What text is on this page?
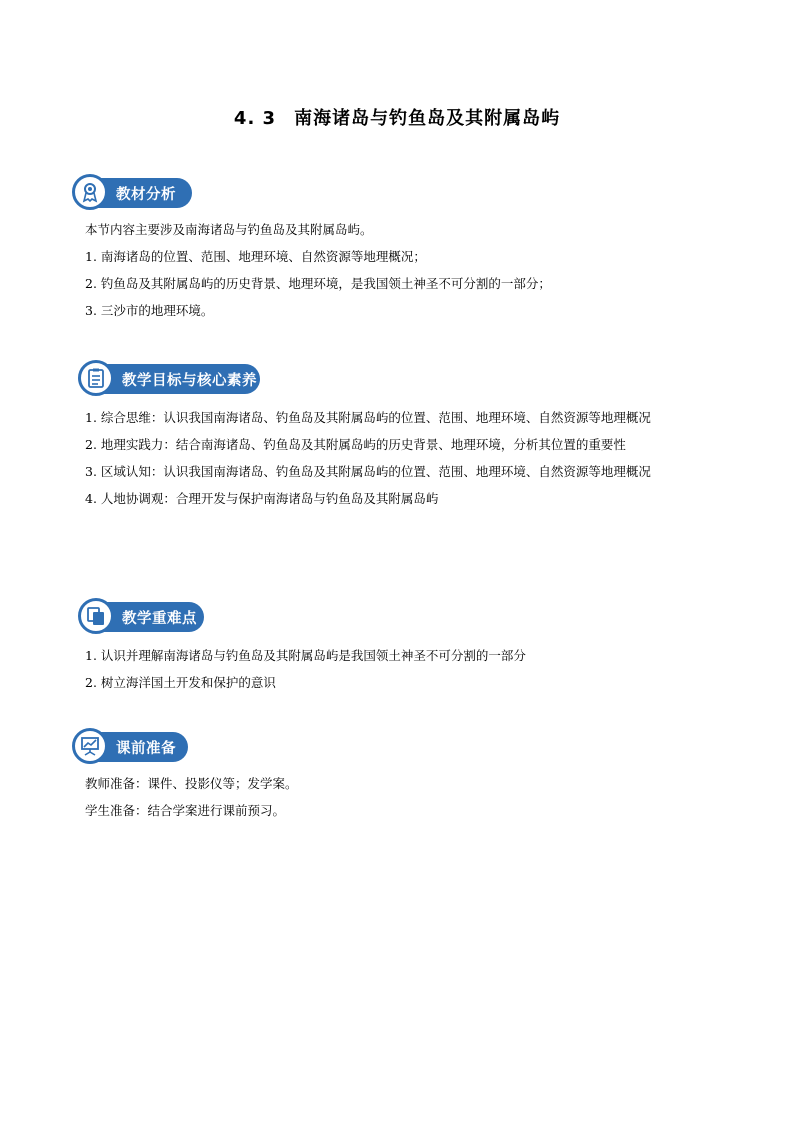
4. 3 南海诸岛与钓鱼岛及其附属岛屿
教材分析
本节内容主要涉及南海诸岛与钓鱼岛及其附属岛屿。
1. 南海诸岛的位置、范围、地理环境、自然资源等地理概况；
2. 钓鱼岛及其附属岛屿的历史背景、地理环境，是我国领土神圣不可分割的一部分；
3. 三沙市的地理环境。
教学目标与核心素养
1. 综合思维：认识我国南海诸岛、钓鱼岛及其附属岛屿的位置、范围、地理环境、自然资源等地理概况
2. 地理实践力：结合南海诸岛、钓鱼岛及其附属岛屿的历史背景、地理环境，分析其位置的重要性
3. 区域认知：认识我国南海诸岛、钓鱼岛及其附属岛屿的位置、范围、地理环境、自然资源等地理概况
4. 人地协调观：合理开发与保护南海诸岛与钓鱼岛及其附属岛屿
教学重难点
1. 认识并理解南海诸岛与钓鱼岛及其附属岛屿是我国领土神圣不可分割的一部分
2. 树立海洋国土开发和保护的意识
课前准备
教师准备：课件、投影仪等；发学案。
学生准备：结合学案进行课前预习。
